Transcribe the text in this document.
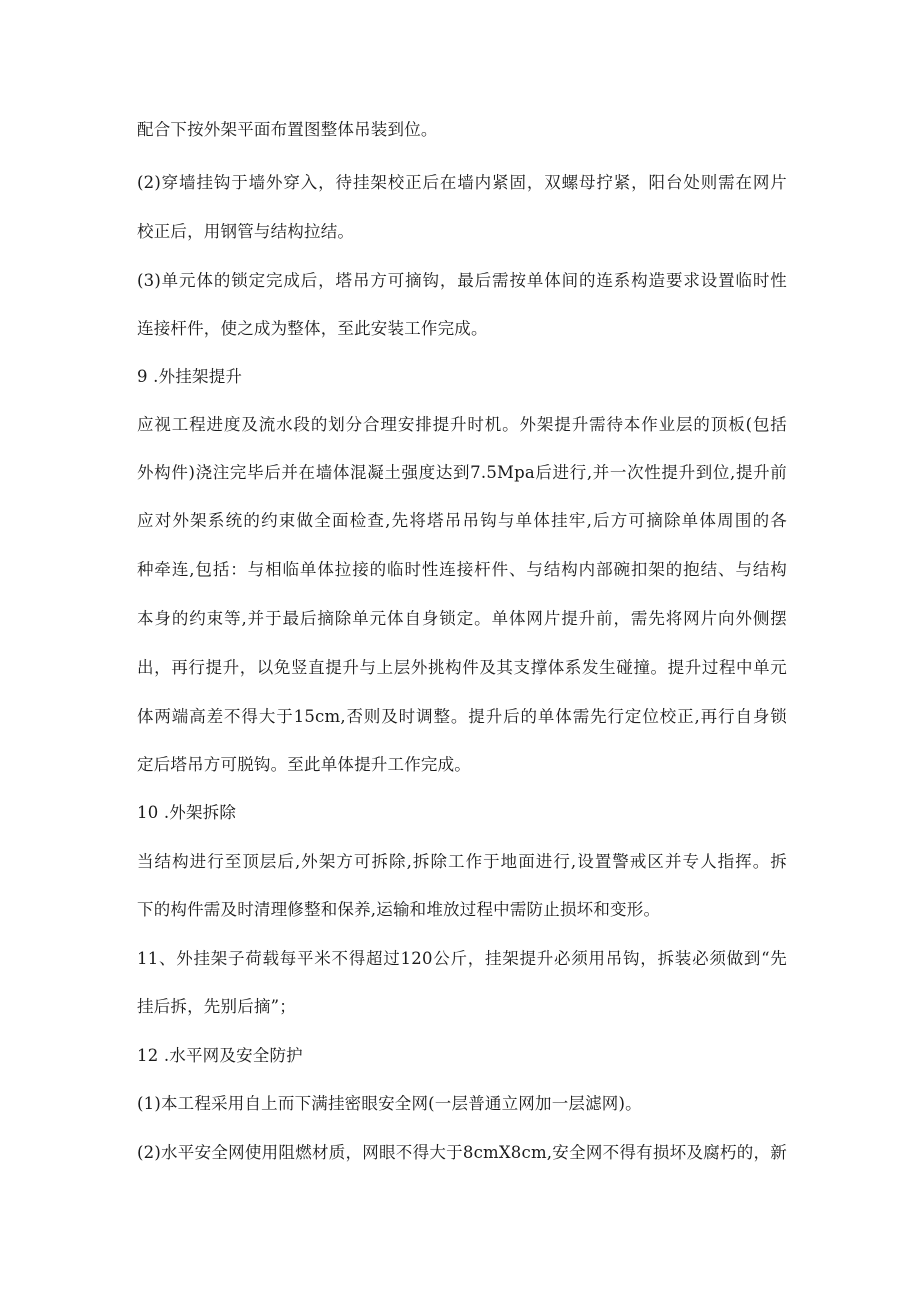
配合下按外架平面布置图整体吊装到位。
(2)穿墙挂钩于墙外穿入，待挂架校正后在墙内紧固，双螺母拧紧，阳台处则需在网片
校正后，用钢管与结构拉结。
(3)单元体的锁定完成后，塔吊方可摘钩，最后需按单体间的连系构造要求设置临时性
连接杆件，使之成为整体，至此安装工作完成。
9 .外挂架提升
应视工程进度及流水段的划分合理安排提升时机。外架提升需待本作业层的顶板(包括
外构件)浇注完毕后并在墙体混凝土强度达到7.5Mpa后进行,并一次性提升到位,提升前
应对外架系统的约束做全面检查,先将塔吊吊钩与单体挂牢,后方可摘除单体周围的各
种牵连,包括：与相临单体拉接的临时性连接杆件、与结构内部碗扣架的抱结、与结构
本身的约束等,并于最后摘除单元体自身锁定。单体网片提升前，需先将网片向外侧摆
出，再行提升，以免竖直提升与上层外挑构件及其支撑体系发生碰撞。提升过程中单元
体两端高差不得大于15cm,否则及时调整。提升后的单体需先行定位校正,再行自身锁
定后塔吊方可脱钩。至此单体提升工作完成。
10 .外架拆除
当结构进行至顶层后,外架方可拆除,拆除工作于地面进行,设置警戒区并专人指挥。拆
下的构件需及时清理修整和保养,运输和堆放过程中需防止损坏和变形。
11、外挂架子荷载每平米不得超过120公斤，挂架提升必须用吊钩，拆装必须做到“先
挂后拆，先别后摘”；
12 .水平网及安全防护
(1)本工程采用自上而下满挂密眼安全网(一层普通立网加一层滤网)。
(2)水平安全网使用阻燃材质，网眼不得大于8cmX8cm,安全网不得有损坏及腐朽的，新
